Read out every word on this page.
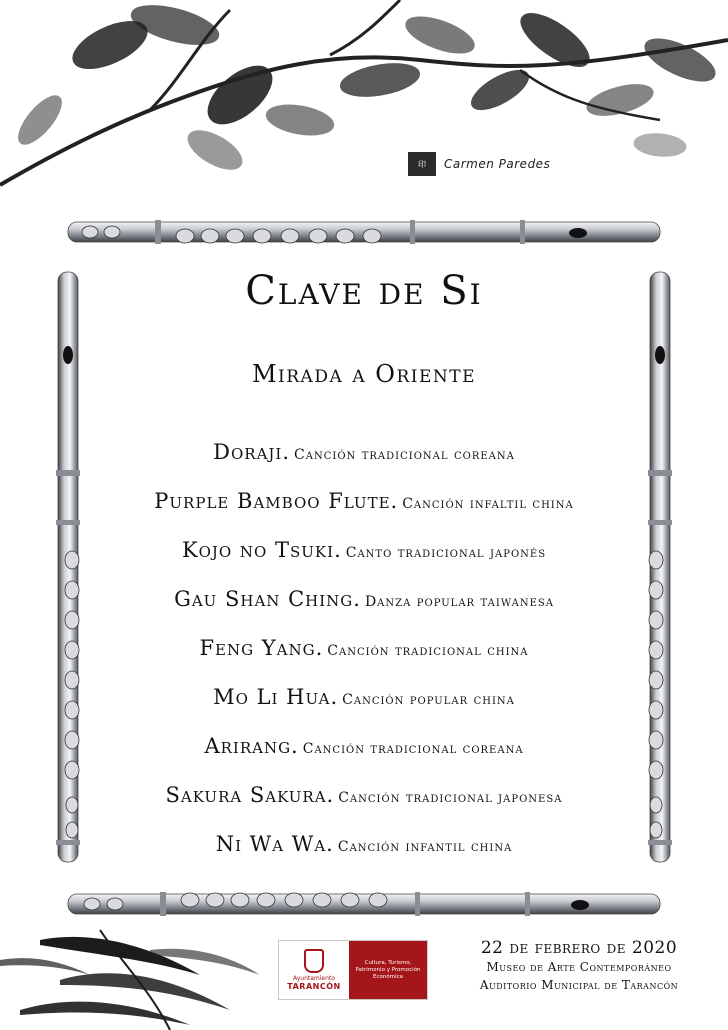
印	Carmen Paredes
Clave de Si
Mirada a Oriente
Doraji. Canción tradicional coreana
Purple Bamboo Flute. Canción infaltil china
Kojo no Tsuki. Canto tradicional japonés
Gau Shan Ching. Danza popular taiwanesa
Feng Yang. Canción tradicional china
Mo Li Hua. Canción popular china
Arirang. Canción tradicional coreana
Sakura Sakura. Canción tradicional japonesa
Ni Wa Wa. Canción infantil china
Ayuntamiento
TARANCÓN
Cultura, Turismo, Patrimonio y Promoción Económica
22 de febrero de 2020
Museo de Arte Contemporáneo
Auditorio Municipal de Tarancón
